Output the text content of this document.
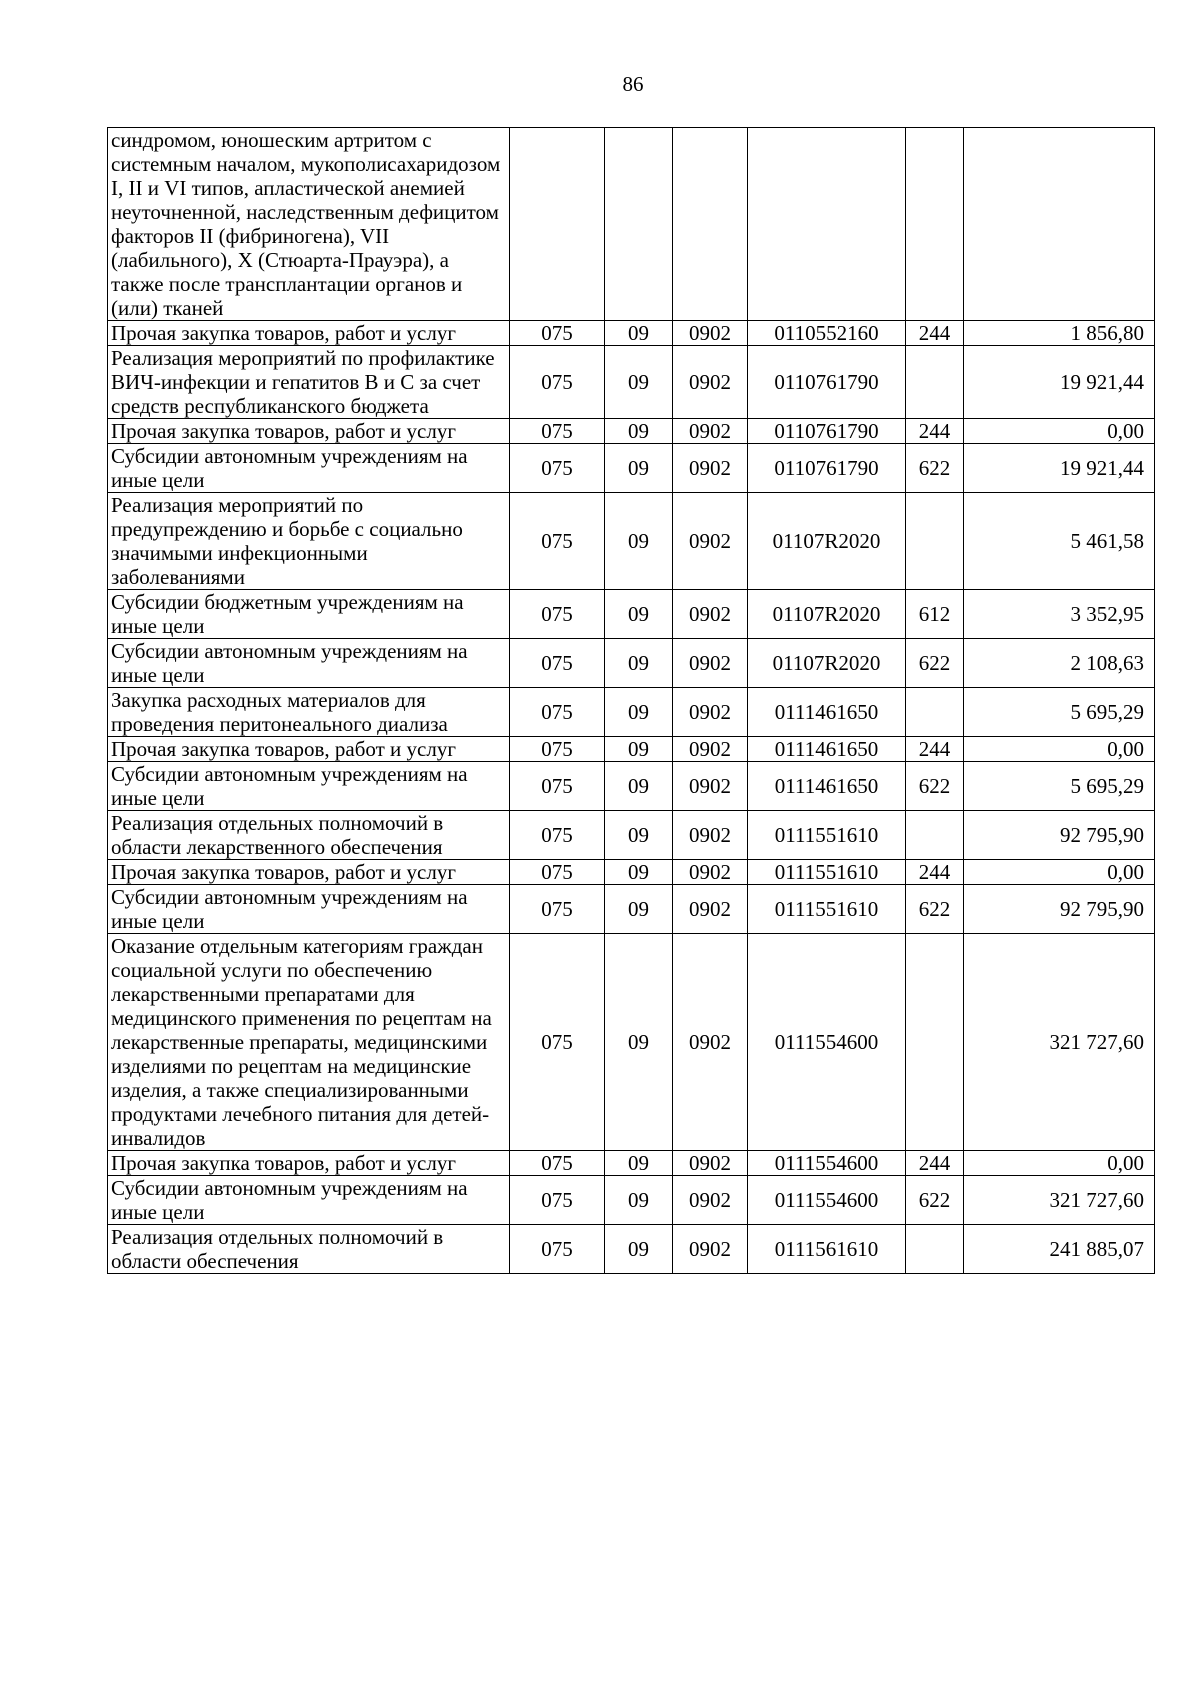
86
синдромом, юношеским артритом с системным началом, мукополисахаридозом I, II и VI типов, апластической анемией неуточненной, наследственным дефицитом факторов II (фибриногена), VII (лабильного), X (Стюарта-Прауэра), а также после трансплантации органов и (или) тканей						
Прочая закупка товаров, работ и услуг	075	09	0902	0110552160	244	1 856,80
Реализация мероприятий по профилактике ВИЧ-инфекции и гепатитов B и C за счет средств республиканского бюджета	075	09	0902	0110761790		19 921,44
Прочая закупка товаров, работ и услуг	075	09	0902	0110761790	244	0,00
Субсидии автономным учреждениям на иные цели	075	09	0902	0110761790	622	19 921,44
Реализация мероприятий по предупреждению и борьбе с социально значимыми инфекционными заболеваниями	075	09	0902	01107R2020		5 461,58
Субсидии бюджетным учреждениям на иные цели	075	09	0902	01107R2020	612	3 352,95
Субсидии автономным учреждениям на иные цели	075	09	0902	01107R2020	622	2 108,63
Закупка расходных материалов для проведения перитонеального диализа	075	09	0902	0111461650		5 695,29
Прочая закупка товаров, работ и услуг	075	09	0902	0111461650	244	0,00
Субсидии автономным учреждениям на иные цели	075	09	0902	0111461650	622	5 695,29
Реализация отдельных полномочий в области лекарственного обеспечения	075	09	0902	0111551610		92 795,90
Прочая закупка товаров, работ и услуг	075	09	0902	0111551610	244	0,00
Субсидии автономным учреждениям на иные цели	075	09	0902	0111551610	622	92 795,90
Оказание отдельным категориям граждан социальной услуги по обеспечению лекарственными препаратами для медицинского применения по рецептам на лекарственные препараты, медицинскими изделиями по рецептам на медицинские изделия, а также специализированными продуктами лечебного питания для детей-инвалидов	075	09	0902	0111554600		321 727,60
Прочая закупка товаров, работ и услуг	075	09	0902	0111554600	244	0,00
Субсидии автономным учреждениям на иные цели	075	09	0902	0111554600	622	321 727,60
Реализация отдельных полномочий в области обеспечения	075	09	0902	0111561610		241 885,07
